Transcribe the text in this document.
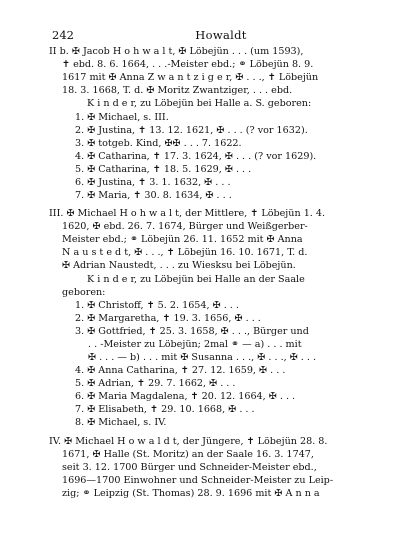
242	Howaldt
II b. ✠ Jacob H o h w a l t, ✠ Löbejün . . . (um 1593),
✝ ebd. 8. 6. 1664, . . .-Meister ebd.; ⚭ Löbejün 8. 9.
1617 mit ✠ Anna Z w a n t z i g e r, ✠ . . ., ✝ Löbejün
18. 3. 1668, T. d. ✠ Moritz Zwantziger, . . . ebd.
K i n d e r, zu Löbejün bei Halle a. S. geboren:
1. ✠ Michael, s. III.
2. ✠ Justina, ✝ 13. 12. 1621, ✠ . . . (? vor 1632).
3. ✠ totgeb. Kind, ✠✠ . . . 7. 1622.
4. ✠ Catharina, ✝ 17. 3. 1624, ✠ . . . (? vor 1629).
5. ✠ Catharina, ✝ 18. 5. 1629, ✠ . . .
6. ✠ Justina, ✝ 3. 1. 1632, ✠ . . .
7. ✠ Maria, ✝ 30. 8. 1634, ✠ . . .
III. ✠ Michael H o h w a l t, der Mittlere, ✝ Löbejün 1. 4.
1620, ✠ ebd. 26. 7. 1674, Bürger und Weißgerber-
Meister ebd.; ⚭ Löbejün 26. 11. 1652 mit ✠ Anna
N a u s t e d t, ✠ . . ., ✝ Löbejün 16. 10. 1671, T. d.
✠ Adrian Naustedt, . . . zu Wiesksu bei Löbejün.
K i n d e r, zu Löbejün bei Halle an der Saale
geboren:
1. ✠ Christoff, ✝ 5. 2. 1654, ✠ . . .
2. ✠ Margaretha, ✝ 19. 3. 1656, ✠ . . .
3. ✠ Gottfried, ✝ 25. 3. 1658, ✠ . . ., Bürger und
. . -Meister zu Löbejün; 2mal ⚭ — a) . . . mit
✠ . . . — b) . . . mit ✠ Susanna . . ., ✠ . . ., ✠ . . .
4. ✠ Anna Catharina, ✝ 27. 12. 1659, ✠ . . .
5. ✠ Adrian, ✝ 29. 7. 1662, ✠ . . .
6. ✠ Maria Magdalena, ✝ 20. 12. 1664, ✠ . . .
7. ✠ Elisabeth, ✝ 29. 10. 1668, ✠ . . .
8. ✠ Michael, s. IV.
IV. ✠ Michael H o w a l d t, der Jüngere, ✝ Löbejün 28. 8.
1671, ✠ Halle (St. Moritz) an der Saale 16. 3. 1747,
seit 3. 12. 1700 Bürger und Schneider-Meister ebd.,
1696—1700 Einwohner und Schneider-Meister zu Leip-
zig; ⚭ Leipzig (St. Thomas) 28. 9. 1696 mit ✠ A n n a
